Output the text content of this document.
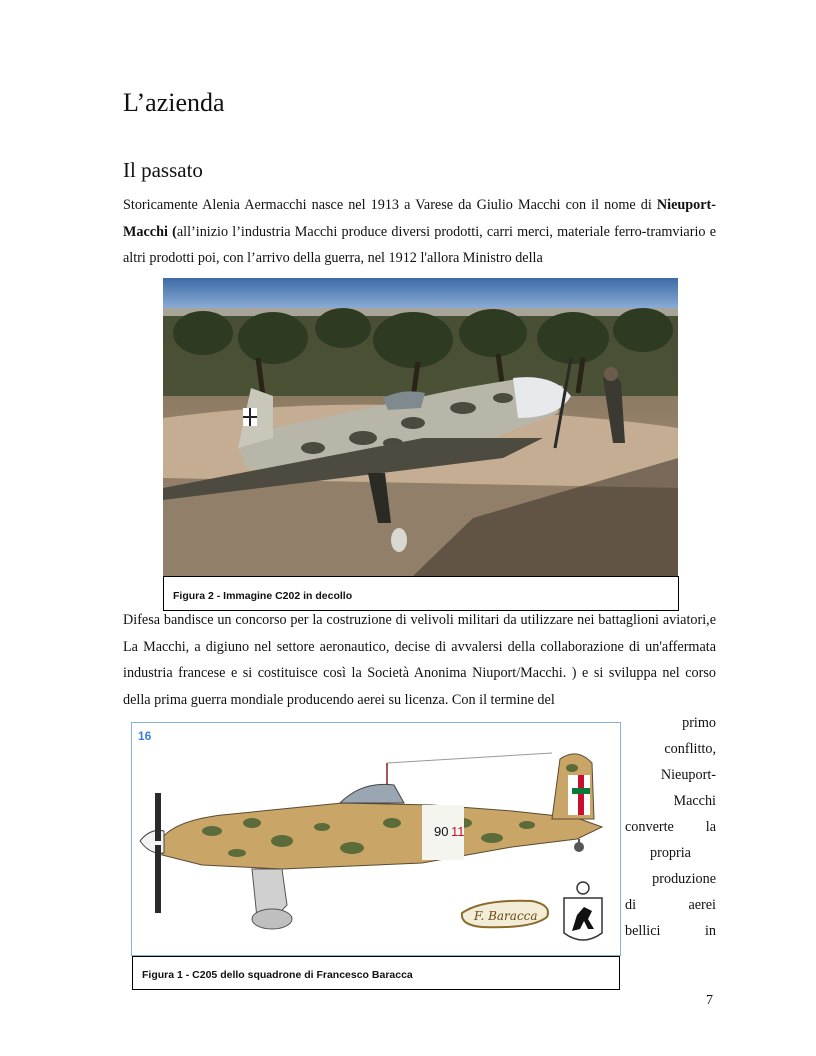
L’azienda
Il passato
Storicamente Alenia Aermacchi nasce nel 1913 a Varese da Giulio Macchi con il nome di Nieuport- Macchi (all’inizio l’industria Macchi produce diversi prodotti, carri merci, materiale ferro-tramviario e altri prodotti poi, con l’arrivo della guerra, nel 1912 l'allora Ministro della
Figura 2 - Immagine C202 in decollo
Difesa bandisce un concorso per la costruzione di velivoli militari da utilizzare nei battaglioni aviatori,e La Macchi, a digiuno nel settore aeronautico, decise di avvalersi della collaborazione di un'affermata industria francese e si costituisce così la Società Anonima Niuport/Macchi. ) e si sviluppa nel corso della prima guerra mondiale producendo aerei su licenza. Con il termine del
16
90 11
F. Baracca
Figura 1 - C205 dello squadrone di Francesco Baracca
primo
conflitto,
Nieuport-
Macchi
converte la
propria
produzione
di	aerei
bellici	in
7
